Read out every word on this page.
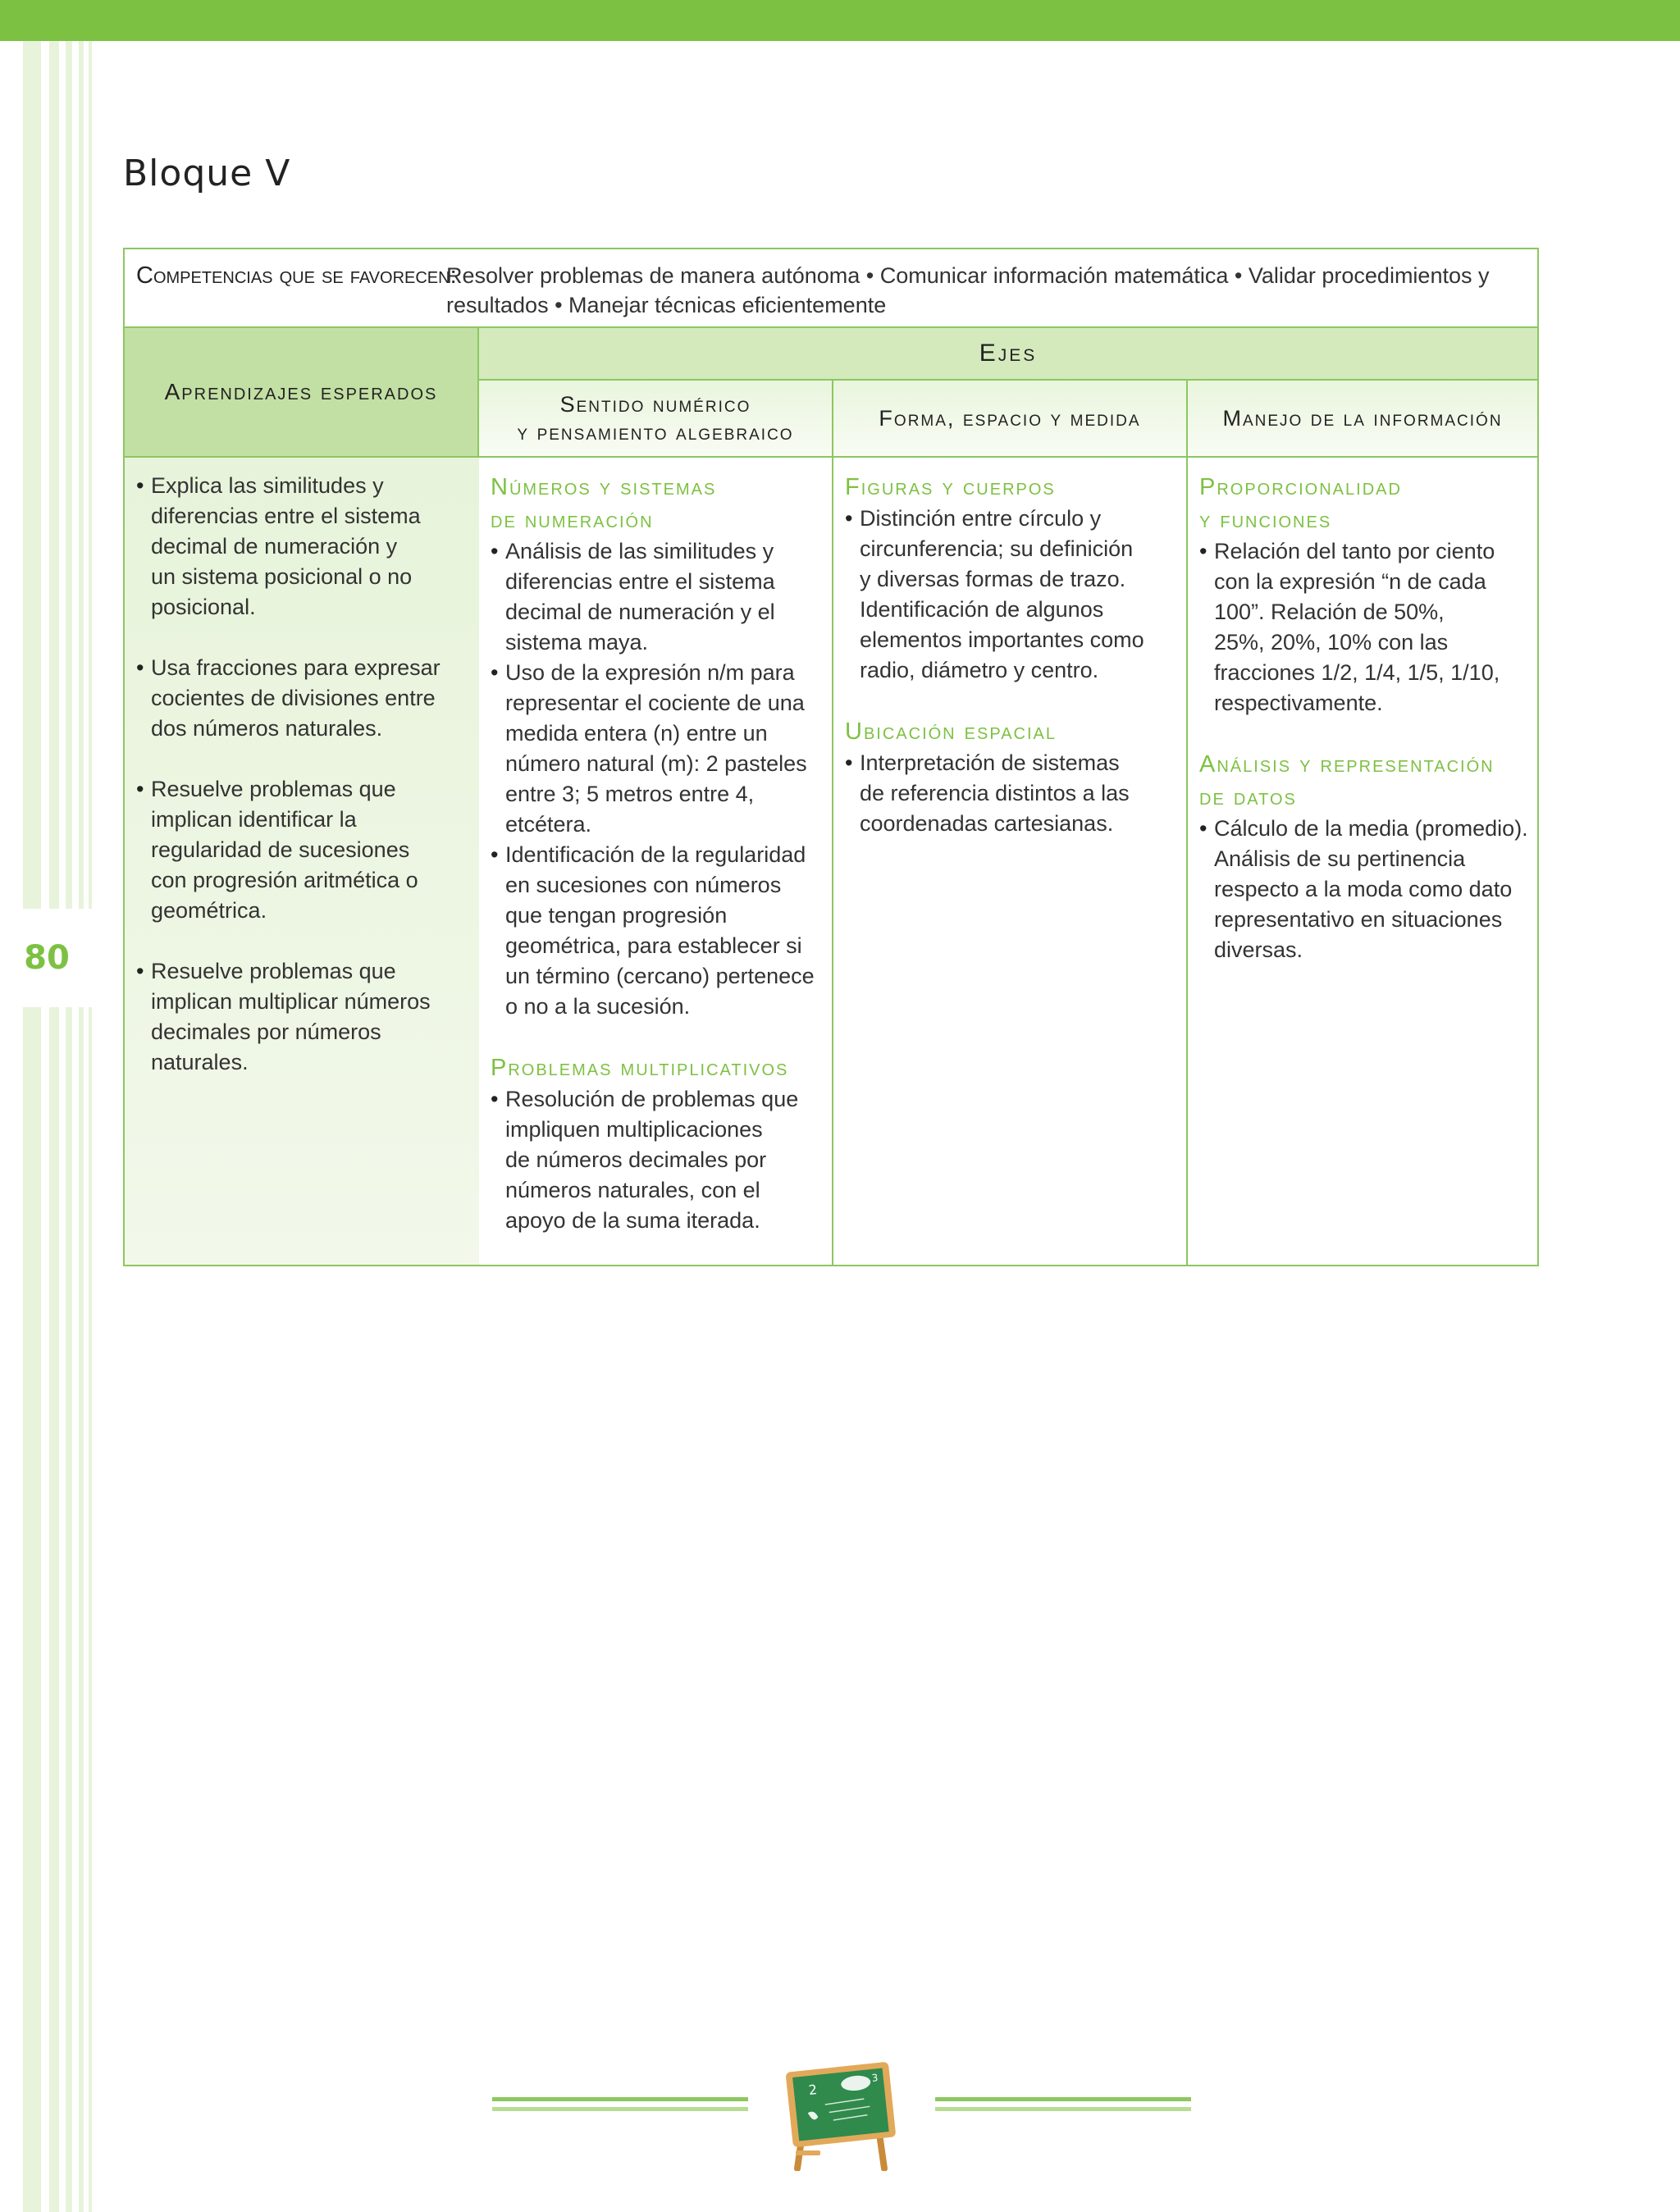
80
Bloque V
Competencias que se favorecen:
Resolver problemas de manera autónoma • Comunicar información matemática • Validar procedimientos y
resultados • Manejar técnicas eficientemente
Aprendizajes esperados
Ejes
Sentido numérico
y pensamiento algebraico
Forma, espacio y medida	Manejo de la información
• Explica las similitudes y
diferencias entre el sistema
decimal de numeración y
un sistema posicional o no
posicional.
• Usa fracciones para expresar
cocientes de divisiones entre
dos números naturales.
• Resuelve problemas que
implican identificar la
regularidad de sucesiones
con progresión aritmética o
geométrica.
• Resuelve problemas que
implican multiplicar números
decimales por números
naturales.
Números y sistemas
de numeración
• Análisis de las similitudes y
diferencias entre el sistema
decimal de numeración y el
sistema maya.
• Uso de la expresión n/m para
representar el cociente de una
medida entera (n) entre un
número natural (m): 2 pasteles
entre 3; 5 metros entre 4,
etcétera.
• Identificación de la regularidad
en sucesiones con números
que tengan progresión
geométrica, para establecer si
un término (cercano) pertenece
o no a la sucesión.
Problemas multiplicativos
• Resolución de problemas que
impliquen multiplicaciones
de números decimales por
números naturales, con el
apoyo de la suma iterada.
Figuras y cuerpos
• Distinción entre círculo y
circunferencia; su definición
y diversas formas de trazo.
Identificación de algunos
elementos importantes como
radio, diámetro y centro.
Ubicación espacial
• Interpretación de sistemas
de referencia distintos a las
coordenadas cartesianas.
Proporcionalidad
y funciones
• Relación del tanto por ciento
con la expresión “n de cada
100”. Relación de 50%,
25%, 20%, 10% con las
fracciones 1/2, 1/4, 1/5, 1/10,
respectivamente.
Análisis y representación
de datos
• Cálculo de la media (promedio).
Análisis de su pertinencia
respecto a la moda como dato
representativo en situaciones
diversas.
2
3
